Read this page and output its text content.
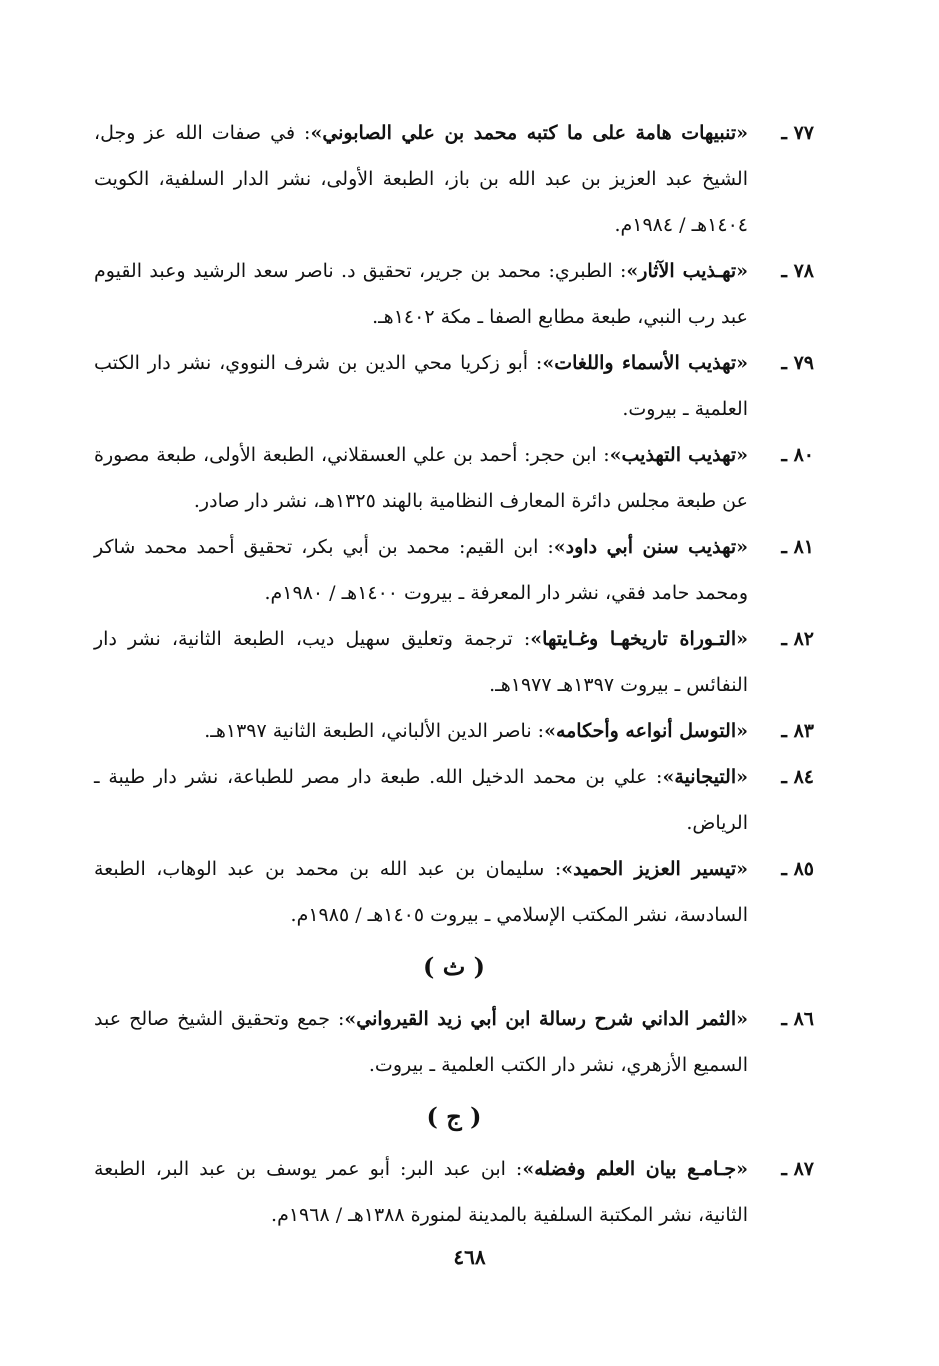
٧٧ ـ
«تنبيهات هامة على ما كتبه محمد بن علي الصابوني»: في صفات الله عز وجل، الشيخ عبد العزيز بن عبد الله بن باز، الطبعة الأولى، نشر الدار السلفية، الكويت ١٤٠٤هـ / ١٩٨٤م.
٧٨ ـ
«تهـذيب الآثار»: الطبري: محمد بن جرير، تحقيق د. ناصر سعد الرشيد وعبد القيوم عبد رب النبي، طبعة مطابع الصفا ـ مكة ١٤٠٢هـ.
٧٩ ـ
«تهذيب الأسماء واللغات»: أبو زكريا محي الدين بن شرف النووي، نشر دار الكتب العلمية ـ بيروت.
٨٠ ـ
«تهذيب التهذيب»: ابن حجر: أحمد بن علي العسقلاني، الطبعة الأولى، طبعة مصورة عن طبعة مجلس دائرة المعارف النظامية بالهند ١٣٢٥هـ، نشر دار صادر.
٨١ ـ
«تهذيب سنن أبي داود»: ابن القيم: محمد بن أبي بكر، تحقيق أحمد محمد شاكر ومحمد حامد فقي، نشر دار المعرفة ـ بيروت ١٤٠٠هـ / ١٩٨٠م.
٨٢ ـ
«التـوراة تاريخهـا وغـايتها»: ترجمة وتعليق سهيل ديب، الطبعة الثانية، نشر دار النفائس ـ بيروت ١٣٩٧هـ ١٩٧٧هـ.
٨٣ ـ
«التوسل أنواعه وأحكامه»: ناصر الدين الألباني، الطبعة الثانية ١٣٩٧هـ.
٨٤ ـ
«التيجانية»: علي بن محمد الدخيل الله. طبعة دار مصر للطباعة، نشر دار طيبة ـ الرياض.
٨٥ ـ
«تيسير العزيز الحميد»: سليمان بن عبد الله بن محمد بن عبد الوهاب، الطبعة السادسة، نشر المكتب الإسلامي ـ بيروت ١٤٠٥هـ / ١٩٨٥م.
( ث )
٨٦ ـ
«الثمر الداني شرح رسالة ابن أبي زيد القيرواني»: جمع وتحقيق الشيخ صالح عبد السميع الأزهري، نشر دار الكتب العلمية ـ بيروت.
( ج )
٨٧ ـ
«جـامـع بيان العلم وفضله»: ابن عبد البر: أبو عمر يوسف بن عبد البر، الطبعة الثانية، نشر المكتبة السلفية بالمدينة لمنورة ١٣٨٨هـ / ١٩٦٨م.
٤٦٨
